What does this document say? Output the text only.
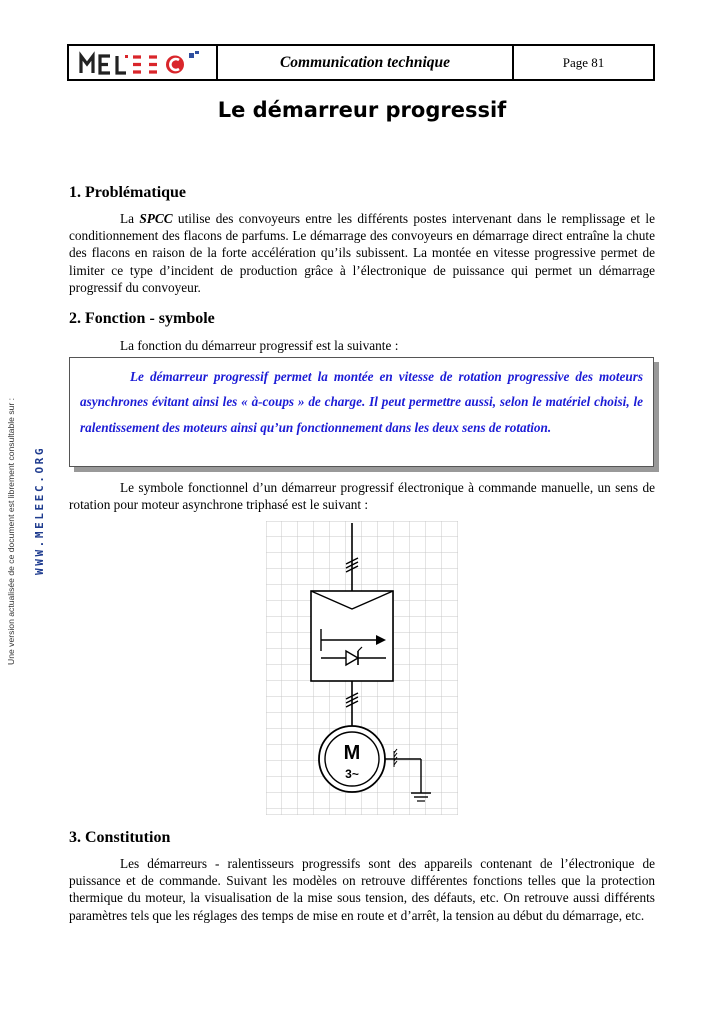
Communication technique	Page 81
Le démarreur progressif
Une version actualisée de ce document est librement consultable sur : WWW.MELEEC.ORG
1. Problématique

La SPCC utilise des convoyeurs entre les différents postes intervenant dans le remplissage et le conditionnement des flacons de parfums. Le démarrage des convoyeurs en démarrage direct entraîne la chute des flacons en raison de la forte accélération qu’ils subissent. La montée en vitesse progressive permet de limiter ce type d’incident de production grâce à l’électronique de puissance qui permet un démarrage progressif du convoyeur.

2. Fonction - symbole

La fonction du démarreur progressif est la suivante :

Le démarreur progressif permet la montée en vitesse de rotation progressive des moteurs asynchrones évitant ainsi les « à-coups » de charge. Il peut permettre aussi, selon le matériel choisi, le ralentissement des moteurs ainsi qu’un fonctionnement dans les deux sens de rotation.

Le symbole fonctionnel d’un démarreur progressif électronique à commande manuelle, un sens de rotation pour moteur asynchrone triphasé est le suivant :

M
3~
3. Constitution

Les démarreurs - ralentisseurs progressifs sont des appareils contenant de l’électronique de puissance et de commande. Suivant les modèles on retrouve différentes fonctions telles que la protection thermique du moteur, la visualisation de la mise sous tension, des défauts, etc. On retrouve aussi différents paramètres tels que les réglages des temps de mise en route et d’arrêt, la tension au début du démarrage, etc.
